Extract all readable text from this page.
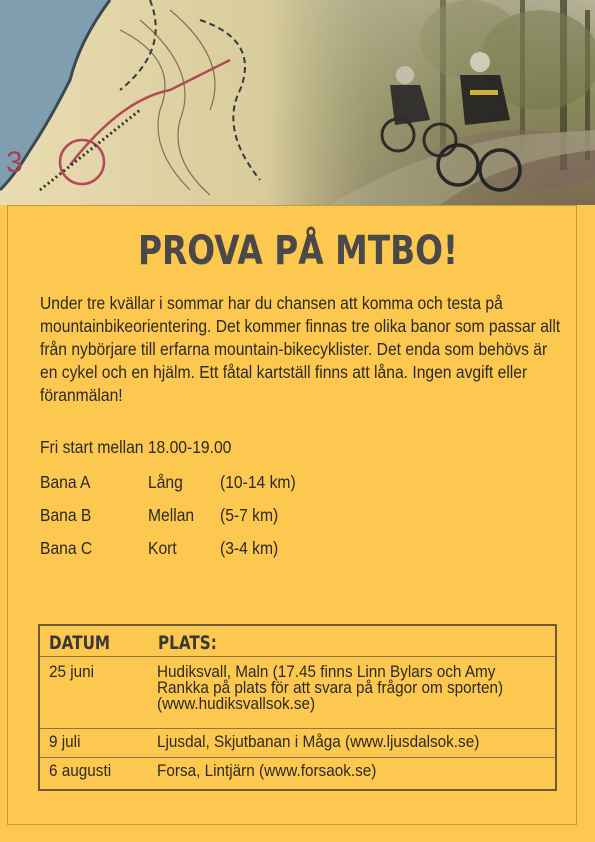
3
PROVA PÅ MTBO!
Under tre kvällar i sommar har du chansen att komma och testa på mountainbikeorientering. Det kommer finnas tre olika banor som passar allt från nybörjare till erfarna mountain-bikecyklister. Det enda som behövs är en cykel och en hjälm. Ett fåtal kartställ finns att låna. Ingen avgift eller föranmälan!
Fri start mellan 18.00-19.00
Bana A	Lång (10-14 km)
Bana B	Mellan (5-7 km)
Bana C	Kort (3-4 km)
DATUM	PLATS:
25 juni	Hudiksvall, Maln (17.45 finns Linn Bylars och Amy Rankka på plats för att svara på frågor om sporten) (www.hudiksvallsok.se)
9 juli	Ljusdal, Skjutbanan i Måga (www.ljusdalsok.se)
6 augusti	Forsa, Lintjärn (www.forsaok.se)
